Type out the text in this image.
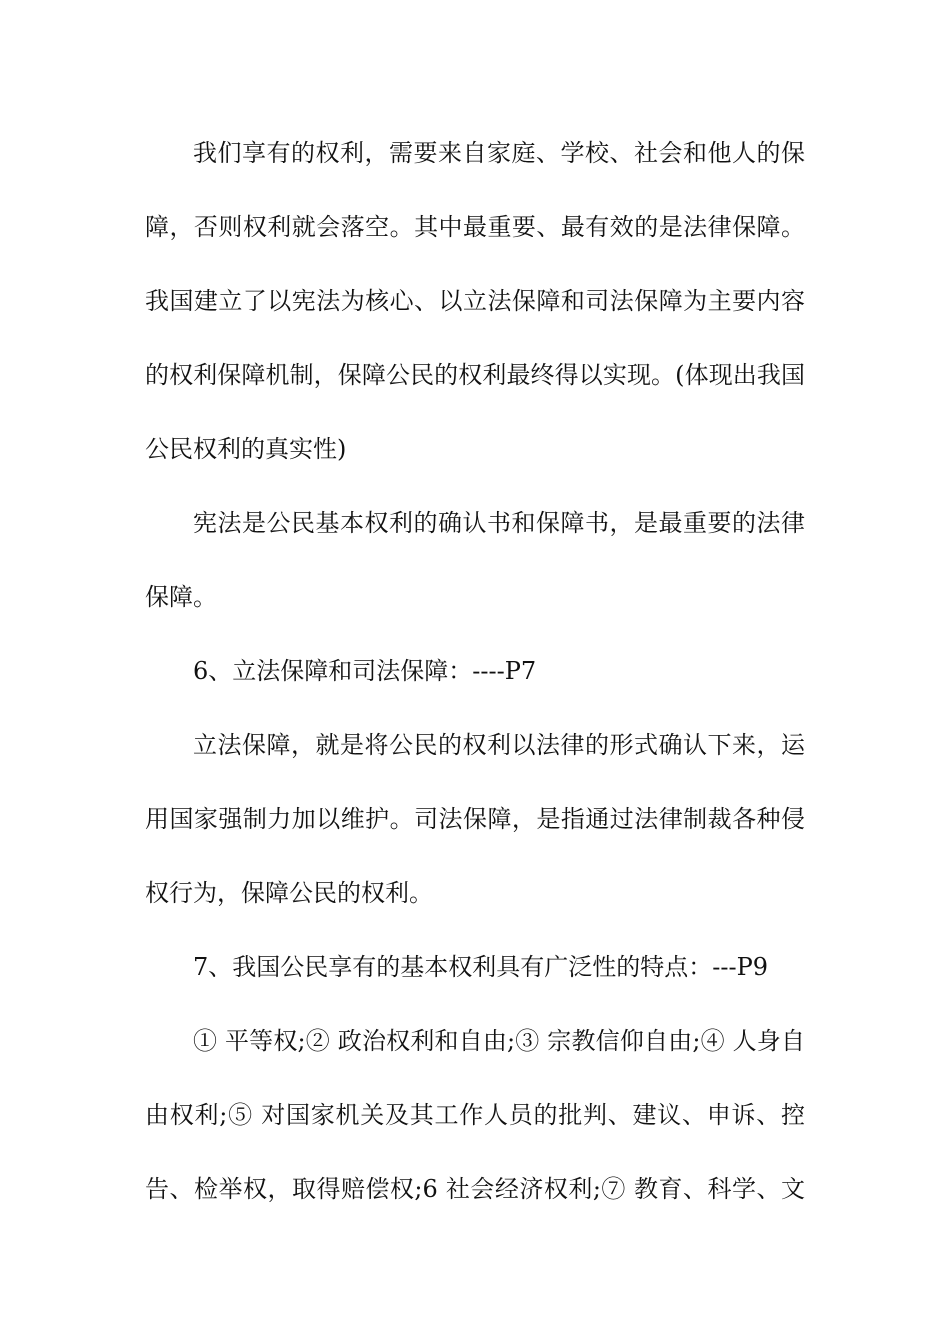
我们享有的权利，需要来自家庭、学校、社会和他人的保
障，否则权利就会落空。其中最重要、最有效的是法律保障。
我国建立了以宪法为核心、以立法保障和司法保障为主要内容
的权利保障机制，保障公民的权利最终得以实现。(体现出我国
公民权利的真实性)
宪法是公民基本权利的确认书和保障书，是最重要的法律
保障。
6、立法保障和司法保障：----P7
立法保障，就是将公民的权利以法律的形式确认下来，运
用国家强制力加以维护。司法保障，是指通过法律制裁各种侵
权行为，保障公民的权利。
7、我国公民享有的基本权利具有广泛性的特点：---P9
① 平等权;② 政治权利和自由;③ 宗教信仰自由;④ 人身自
由权利;⑤ 对国家机关及其工作人员的批判、建议、申诉、控
告、检举权，取得赔偿权;6 社会经济权利;⑦ 教育、科学、文
